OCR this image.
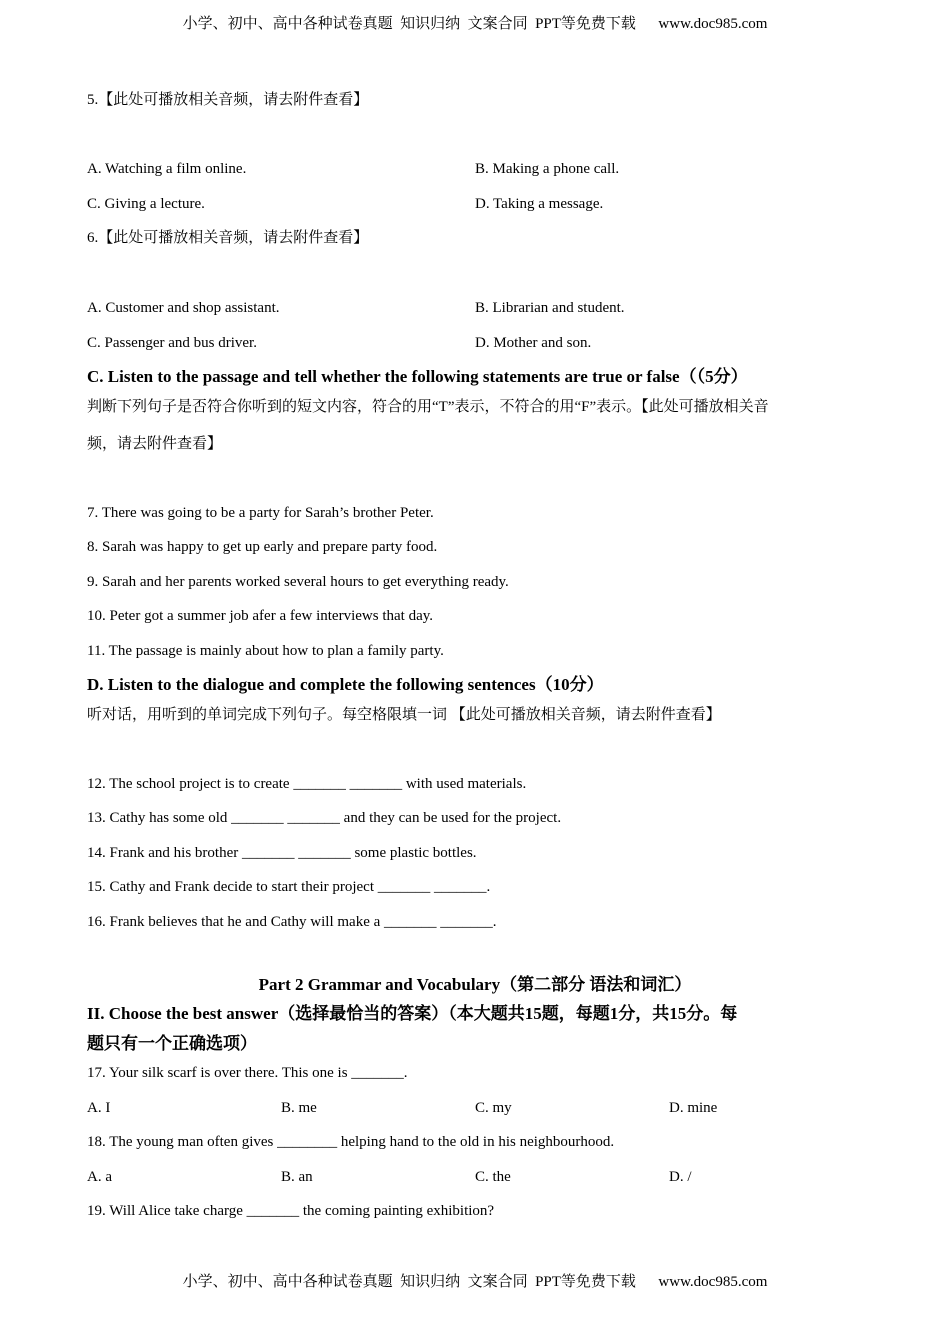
小学、初中、高中各种试卷真题  知识归纳  文案合同  PPT等免费下载      www.doc985.com
5.【此处可播放相关音频，请去附件查看】
A. Watching a film online.	B. Making a phone call.
C. Giving a lecture.	D. Taking a message.
6.【此处可播放相关音频，请去附件查看】
A. Customer and shop assistant.	B. Librarian and student.
C. Passenger and bus driver.	D. Mother and son.
C. Listen to the passage and tell whether the following statements are true or false（（5分）
判断下列句子是否符合你听到的短文内容，符合的用“T”表示，不符合的用“F”表示。【此处可播放相关音
频，请去附件查看】
7. There was going to be a party for Sarah’s brother Peter.
8. Sarah was happy to get up early and prepare party food.
9. Sarah and her parents worked several hours to get everything ready.
10. Peter got a summer job afer a few interviews that day.
11. The passage is mainly about how to plan a family party.
D. Listen to the dialogue and complete the following sentences（10分）
听对话，用听到的单词完成下列句子。每空格限填一词 【此处可播放相关音频，请去附件查看】
12. The school project is to create _______ _______ with used materials.
13. Cathy has some old _______ _______ and they can be used for the project.
14. Frank and his brother _______ _______ some plastic bottles.
15. Cathy and Frank decide to start their project _______ _______.
16. Frank believes that he and Cathy will make a _______ _______.
Part 2 Grammar and Vocabulary（第二部分 语法和词汇）
II. Choose the best answer（选择最恰当的答案）（本大题共15题，每题1分，共15分。每
题只有一个正确选项）
17. Your silk scarf is over there. This one is _______.
A. I	B. me	C. my	D. mine
18. The young man often gives ________ helping hand to the old in his neighbourhood.
A. a	B. an	C. the	D. /
19. Will Alice take charge _______ the coming painting exhibition?
小学、初中、高中各种试卷真题  知识归纳  文案合同  PPT等免费下载      www.doc985.com
